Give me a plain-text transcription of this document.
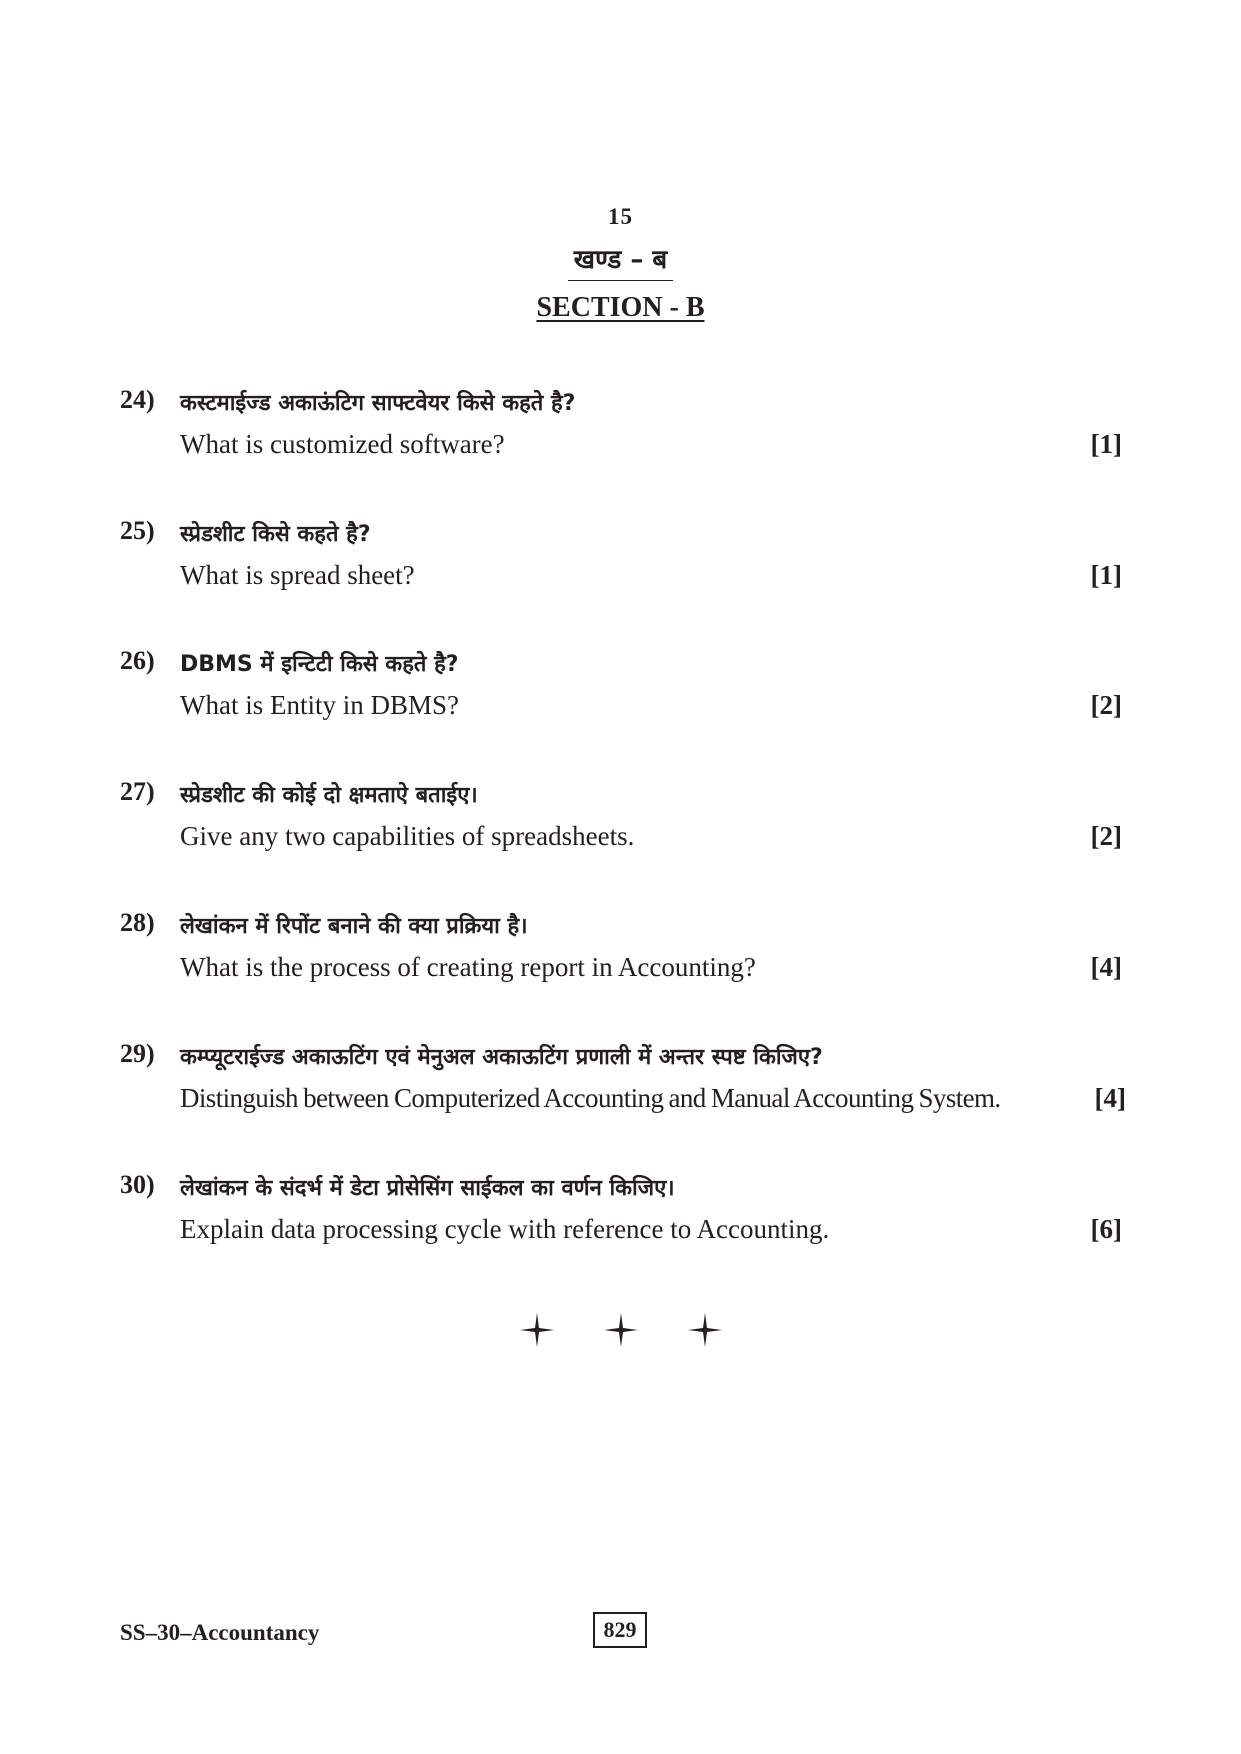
15
खण्ड – ब
SECTION - B
24) कस्टमाईज्ड अकाऊंटिग साफ्टवेयर किसे कहते है?
What is customized software?	[1]
25) स्प्रेडशीट किसे कहते है?
What is spread sheet?	[1]
26) DBMS में इन्टिटी किसे कहते है?
What is Entity in DBMS?	[2]
27) स्प्रेडशीट की कोई दो क्षमताऐ बताईए।
Give any two capabilities of spreadsheets.	[2]
28) लेखांकन में रिपोंट बनाने की क्या प्रक्रिया है।
What is the process of creating report in Accounting?	[4]
29) कम्प्यूटराईज्ड अकाऊटिंग एवं मेनुअल अकाऊटिंग प्रणाली में अन्तर स्पष्ट किजिए?
Distinguish between Computerized Accounting and Manual Accounting System.	[4]
30) लेखांकन के संदर्भ में डेटा प्रोसेसिंग साईकल का वर्णन किजिए।
Explain data processing cycle with reference to Accounting.	[6]
SS–30–Accountancy	829
